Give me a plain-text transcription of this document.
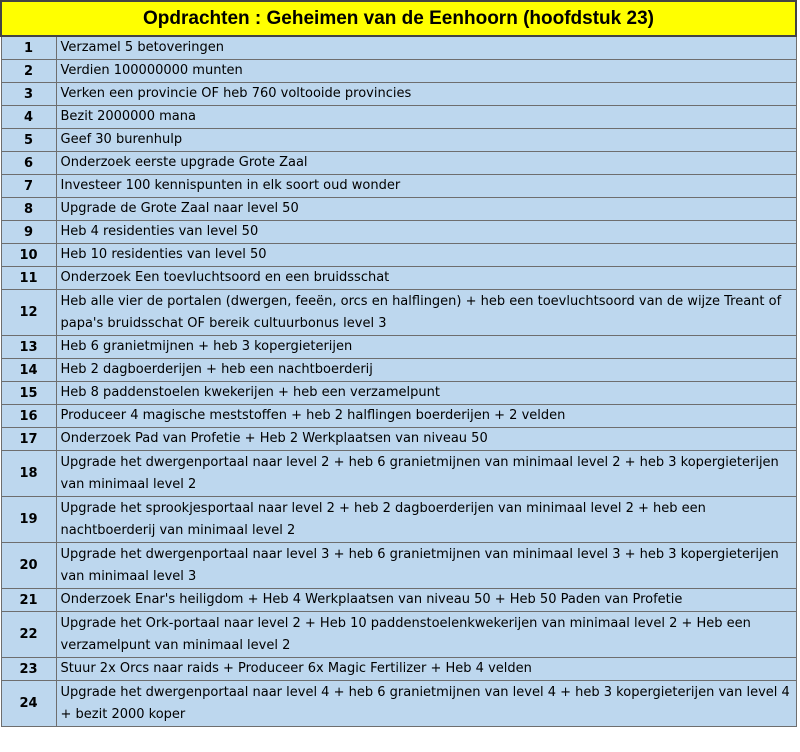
Opdrachten : Geheimen van de Eenhoorn (hoofdstuk 23)	
1	Verzamel 5 betoveringen
2	Verdien 100000000 munten
3	Verken een provincie OF heb 760 voltooide provincies
4	Bezit 2000000 mana
5	Geef 30 burenhulp
6	Onderzoek eerste upgrade Grote Zaal
7	Investeer 100 kennispunten in elk soort oud wonder
8	Upgrade de Grote Zaal naar level 50
9	Heb 4 residenties van level 50
10	Heb 10 residenties van level 50
11	Onderzoek Een toevluchtsoord en een bruidsschat
12	Heb alle vier de portalen (dwergen, feeën, orcs en halflingen) + heb een toevluchtsoord van de wijze Treant of papa's bruidsschat OF bereik cultuurbonus level 3
13	Heb 6 granietmijnen + heb 3 kopergieterijen
14	Heb 2 dagboerderijen + heb een nachtboerderij
15	Heb 8 paddenstoelen kwekerijen + heb een verzamelpunt
16	Produceer 4 magische meststoffen + heb 2 halflingen boerderijen + 2 velden
17	Onderzoek Pad van Profetie + Heb 2 Werkplaatsen van niveau 50
18	Upgrade het dwergenportaal naar level 2 + heb 6 granietmijnen van minimaal level 2 + heb 3 kopergieterijen van minimaal level 2
19	Upgrade het sprookjesportaal naar level 2 + heb 2 dagboerderijen van minimaal level 2 + heb een nachtboerderij van minimaal level 2
20	Upgrade het dwergenportaal naar level 3 + heb 6 granietmijnen van minimaal level 3 + heb 3 kopergieterijen van minimaal level 3
21	Onderzoek Enar's heiligdom + Heb 4 Werkplaatsen van niveau 50 + Heb 50 Paden van Profetie
22	Upgrade het Ork-portaal naar level 2 + Heb 10 paddenstoelenkwekerijen van minimaal level 2 + Heb een verzamelpunt van minimaal level 2
23	Stuur 2x Orcs naar raids + Produceer 6x Magic Fertilizer + Heb 4 velden
24	Upgrade het dwergenportaal naar level 4 + heb 6 granietmijnen van level 4 + heb 3 kopergieterijen van level 4 + bezit 2000 koper
